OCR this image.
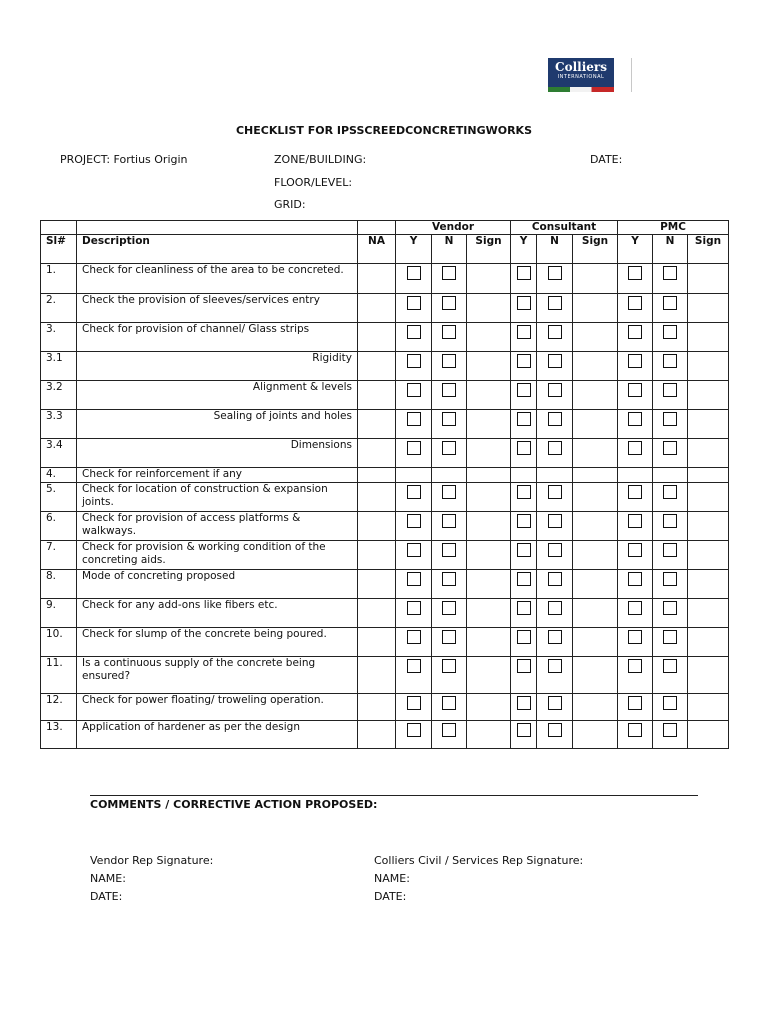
Colliers
INTERNATIONAL
CHECKLIST FOR IPSSCREEDCONCRETINGWORKS
PROJECT: Fortius Origin	ZONE/BUILDING:	DATE:
FLOOR/LEVEL:
GRID:
			Vendor			Consultant			PMC		
Sl#	Description	NA	Y	N	Sign	Y	N	Sign	Y	N	Sign
1.	Check for cleanliness of the area to be concreted.		

2.	Check the provision of sleeves/services entry		

3.	Check for provision of channel/ Glass strips		

3.1	Rigidity		

3.2	Alignment & levels		

3.3	Sealing of joints and holes		

3.4	Dimensions		

4.	Check for reinforcement if any										
5.	Check for location of construction & expansion joints.		

6.	Check for provision of access platforms & walkways.		

7.	Check for provision & working condition of the concreting aids.		

8.	Mode of concreting proposed		

9.	Check for any add-ons like fibers etc.		

10.	Check for slump of the concrete being poured.		

11.	Is a continuous supply of the concrete being ensured?		

12.	Check for power floating/ troweling operation.		

13.	Application of hardener as per the design		

COMMENTS / CORRECTIVE ACTION PROPOSED:
Vendor Rep Signature:
NAME:
DATE:
Colliers Civil / Services Rep Signature:
NAME:
DATE:
